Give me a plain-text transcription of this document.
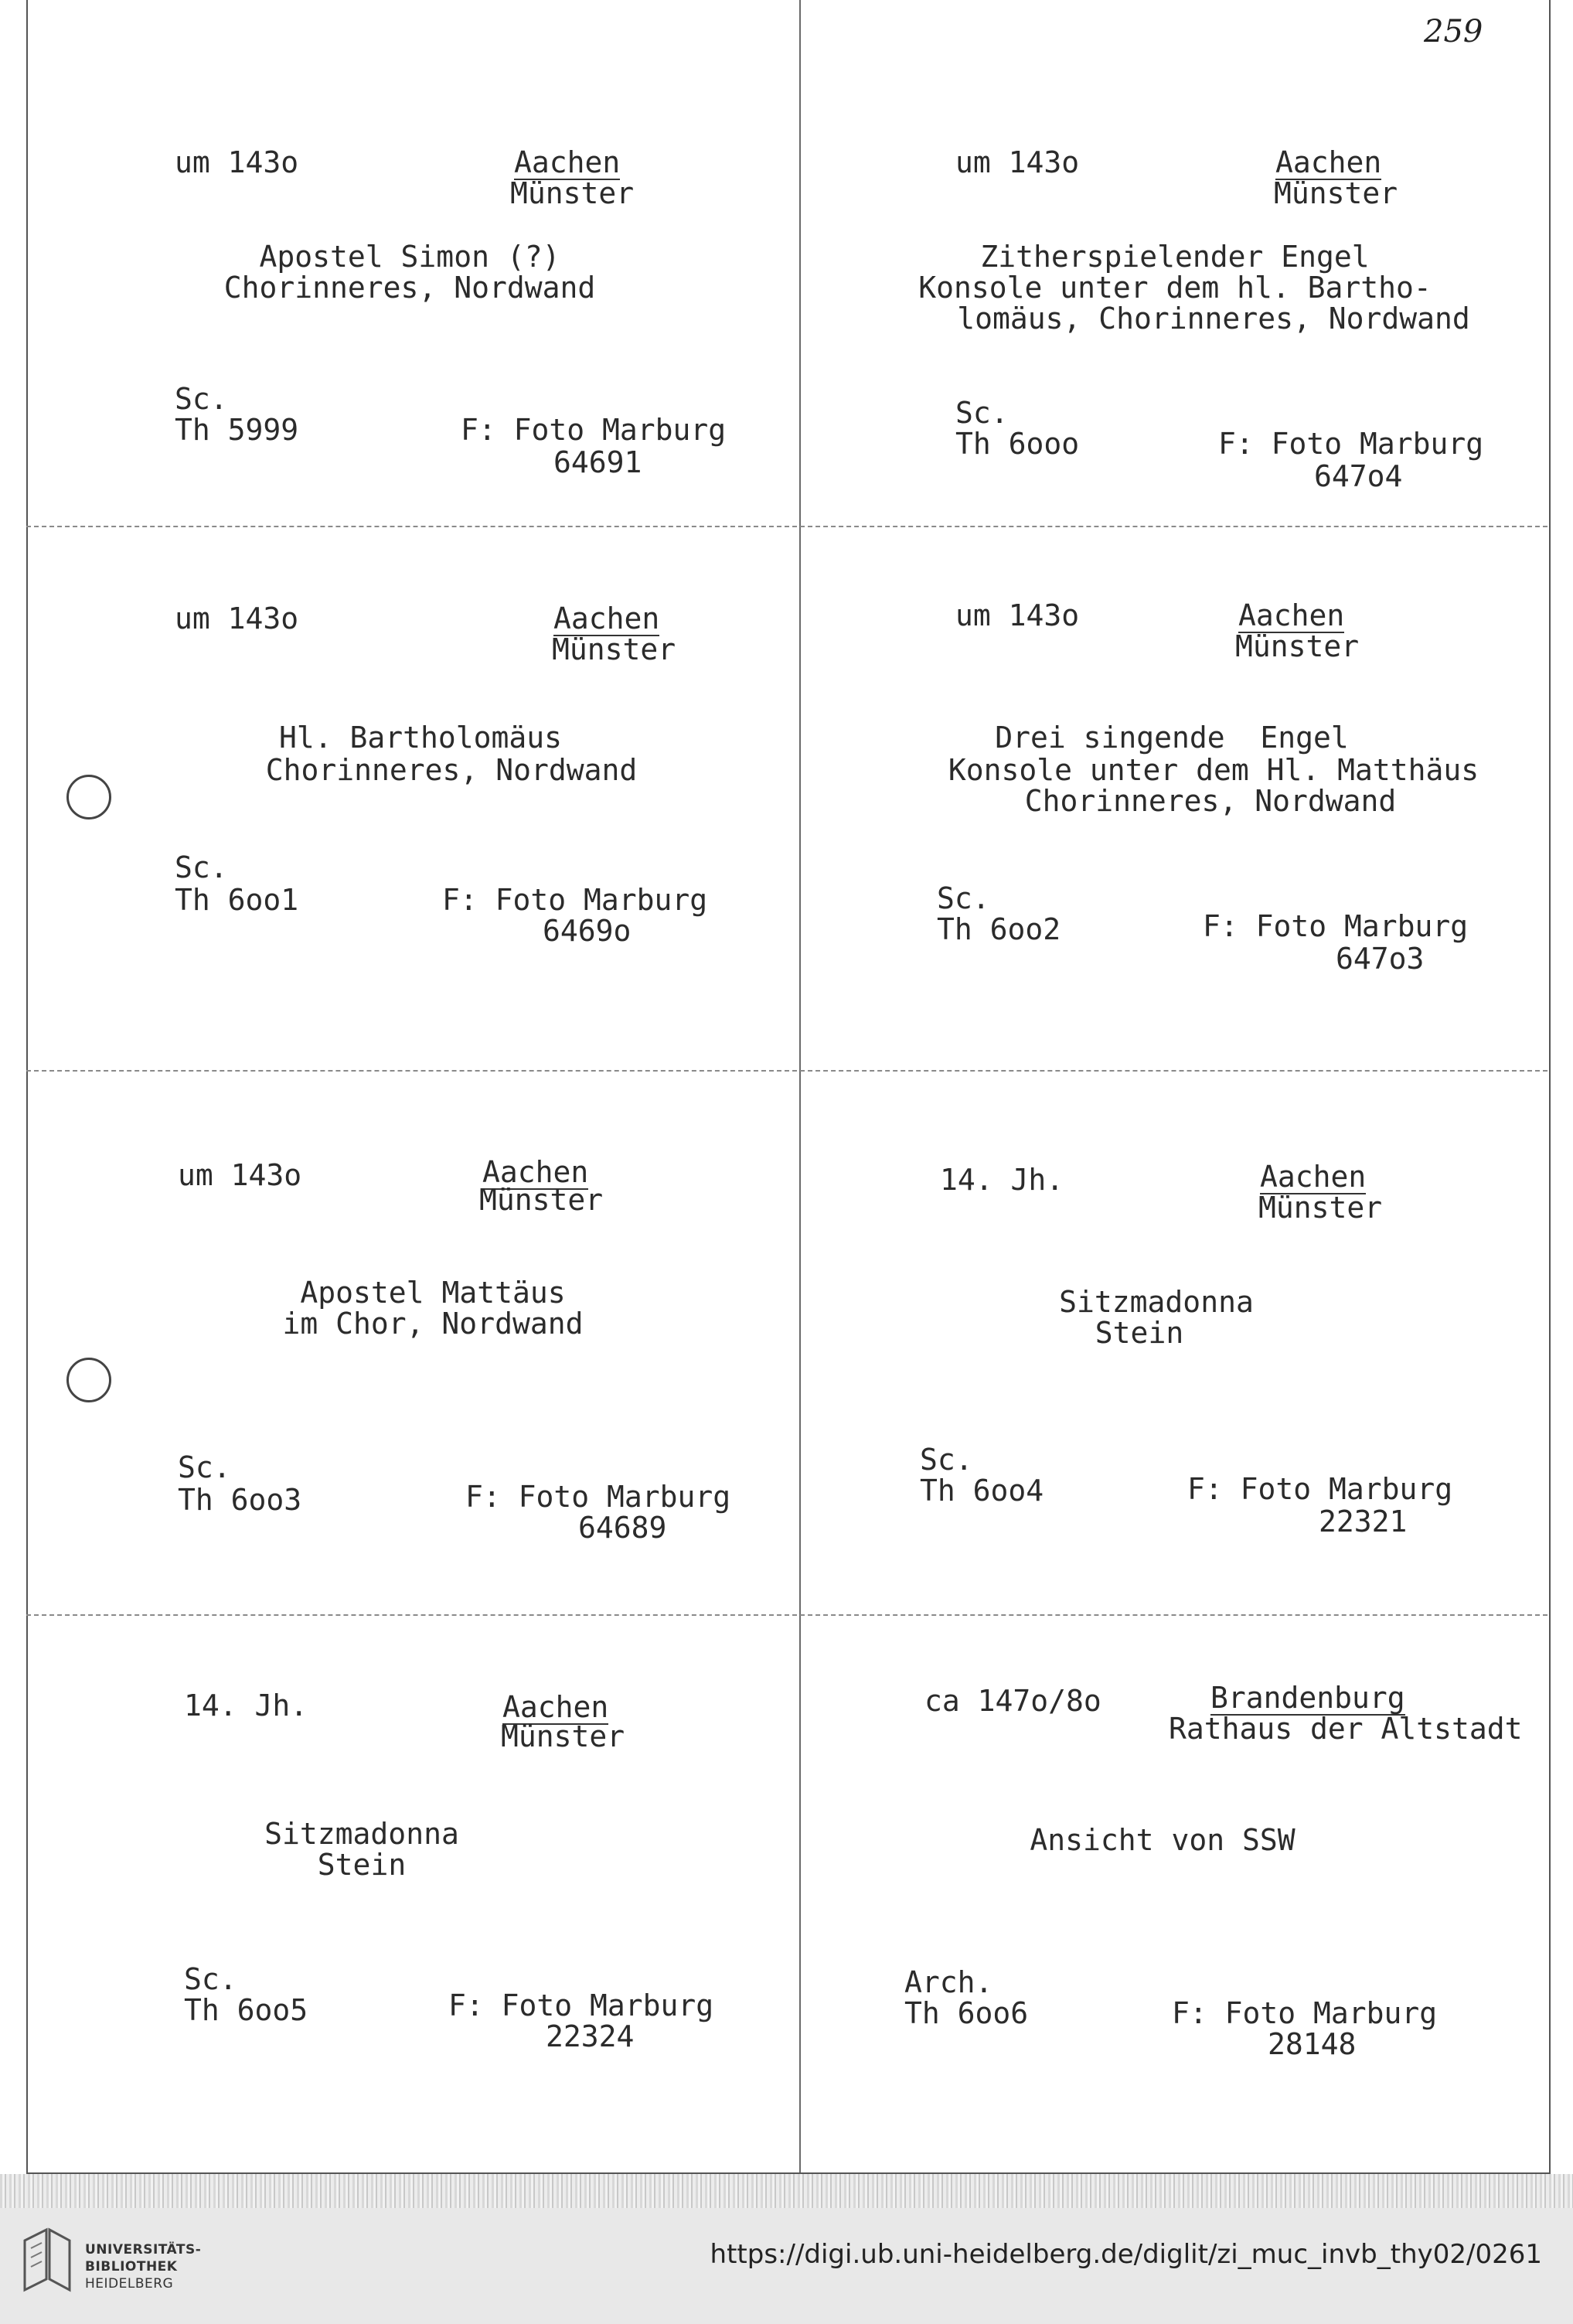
259
um 143o	Aachen
Münster
Apostel Simon (?)
Chorinneres, Nordwand
Sc.
Th 5999	F: Foto Marburg
64691
um 143o	Aachen
Münster
Zitherspielender Engel
Konsole unter dem hl. Bartho-
lomäus, Chorinneres, Nordwand
Sc.
Th 6ooo	F: Foto Marburg
647o4
um 143o	Aachen
Münster
Hl. Bartholomäus
Chorinneres, Nordwand
Sc.
Th 6oo1	F: Foto Marburg
6469o
um 143o	Aachen
Münster
Drei singende  Engel
Konsole unter dem Hl. Matthäus
Chorinneres, Nordwand
Sc.
Th 6oo2	F: Foto Marburg
647o3
um 143o	Aachen
Münster
Apostel Mattäus
im Chor, Nordwand
Sc.
Th 6oo3	F: Foto Marburg
64689
14. Jh.	Aachen
Münster
Sitzmadonna
Stein
Sc.
Th 6oo4	F: Foto Marburg
22321
14. Jh.	Aachen
Münster
Sitzmadonna
Stein
Sc.
Th 6oo5	F: Foto Marburg
22324
ca 147o/8o	Brandenburg
Rathaus der Altstadt
Ansicht von SSW
Arch.
Th 6oo6	F: Foto Marburg
28148
UNIVERSITÄTS-
BIBLIOTHEK
HEIDELBERG
https://digi.ub.uni-heidelberg.de/diglit/zi_muc_invb_thy02/0261
